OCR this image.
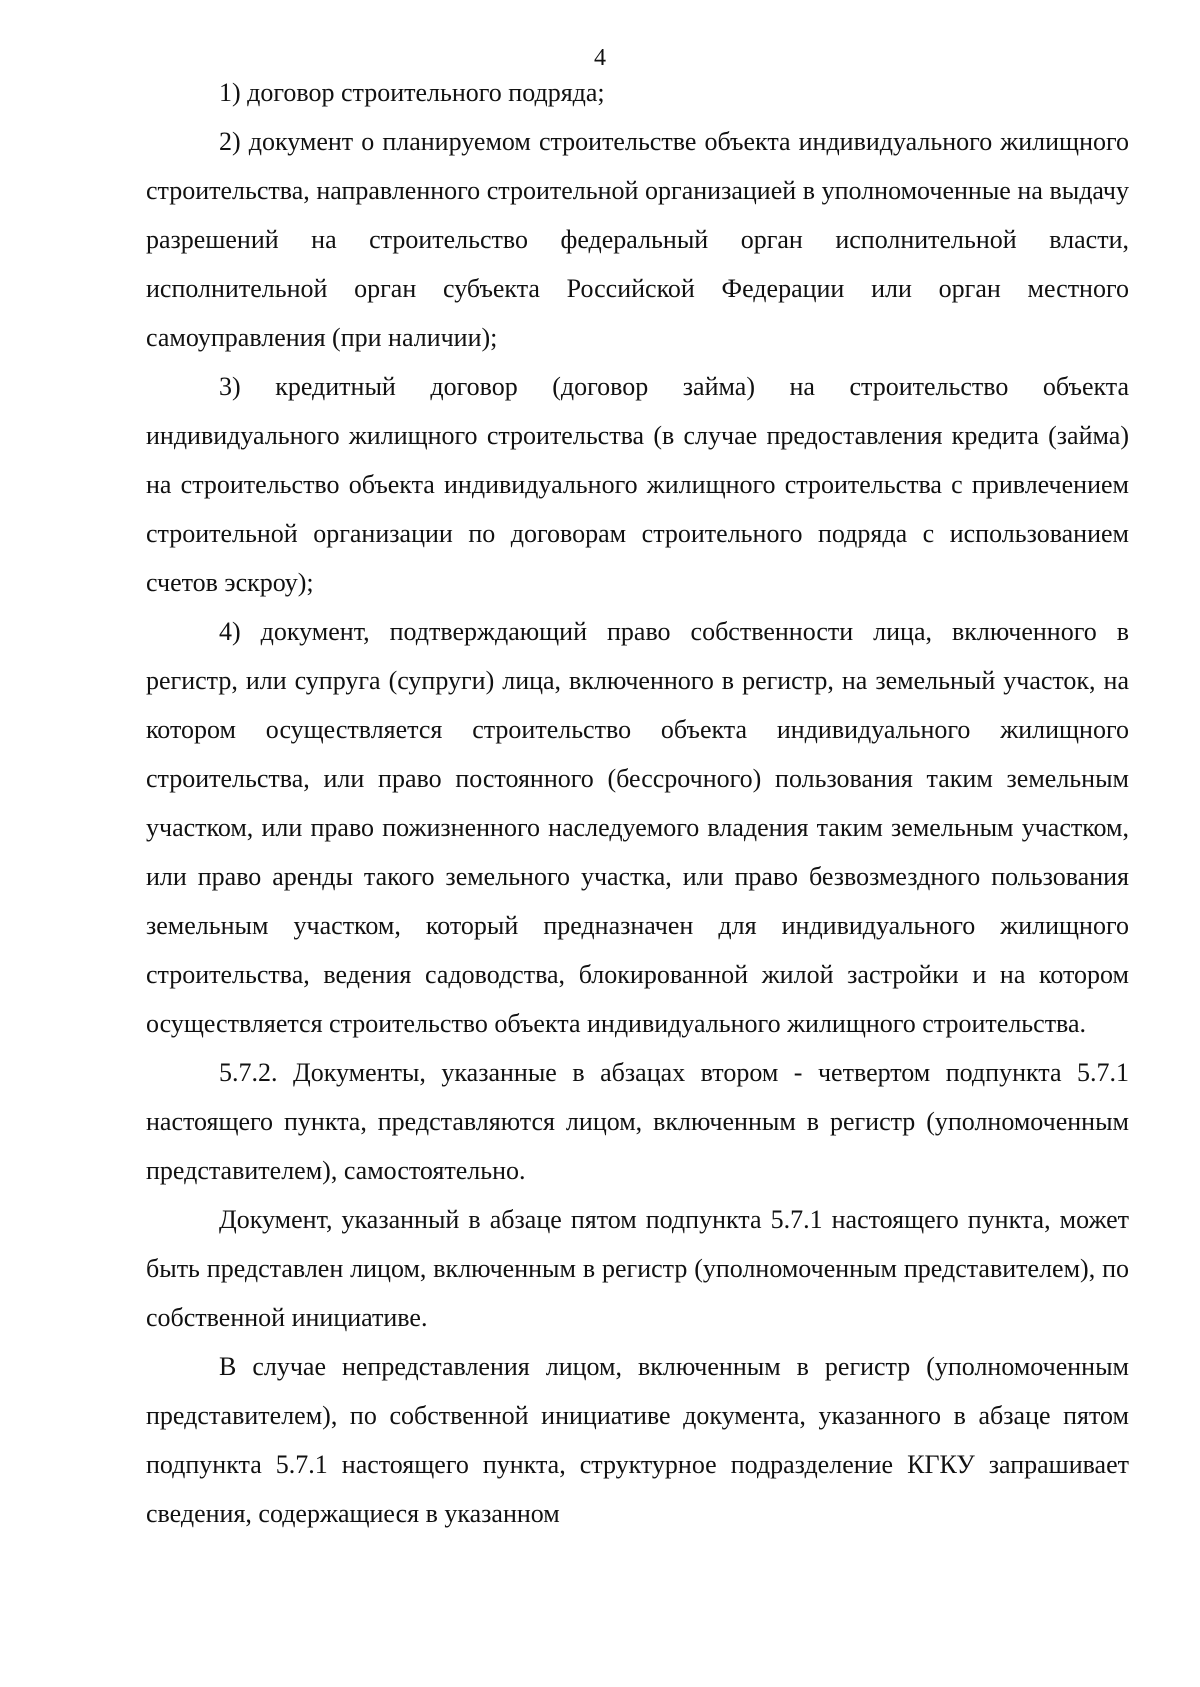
4

1) договор строительного подряда;

2) документ о планируемом строительстве объекта индивидуального жилищного строительства, направленного строительной организацией в уполномоченные на выдачу разрешений на строительство федеральный орган исполнительной власти, исполнительной орган субъекта Российской Федерации или орган местного самоуправления (при наличии);

3) кредитный договор (договор займа) на строительство объекта индивидуального жилищного строительства (в случае предоставления кредита (займа) на строительство объекта индивидуального жилищного строительства с привлечением строительной организации по договорам строительного подряда с использованием счетов эскроу);

4) документ, подтверждающий право собственности лица, включенного в регистр, или супруга (супруги) лица, включенного в регистр, на земельный участок, на котором осуществляется строительство объекта индивидуального жилищного строительства, или право постоянного (бессрочного) пользования таким земельным участком, или право пожизненного наследуемого владения таким земельным участком, или право аренды такого земельного участка, или право безвозмездного пользования земельным участком, который предназначен для индивидуального жилищного строительства, ведения садоводства, блокированной жилой застройки и на котором осуществляется строительство объекта индивидуального жилищного строительства.

5.7.2. Документы, указанные в абзацах втором - четвертом подпункта 5.7.1 настоящего пункта, представляются лицом, включенным в регистр (уполномоченным представителем), самостоятельно.

Документ, указанный в абзаце пятом подпункта 5.7.1 настоящего пункта, может быть представлен лицом, включенным в регистр (уполномоченным представителем), по собственной инициативе.

В случае непредставления лицом, включенным в регистр (уполномоченным представителем), по собственной инициативе документа, указанного в абзаце пятом подпункта 5.7.1 настоящего пункта, структурное подразделение КГКУ запрашивает сведения, содержащиеся в указанном
